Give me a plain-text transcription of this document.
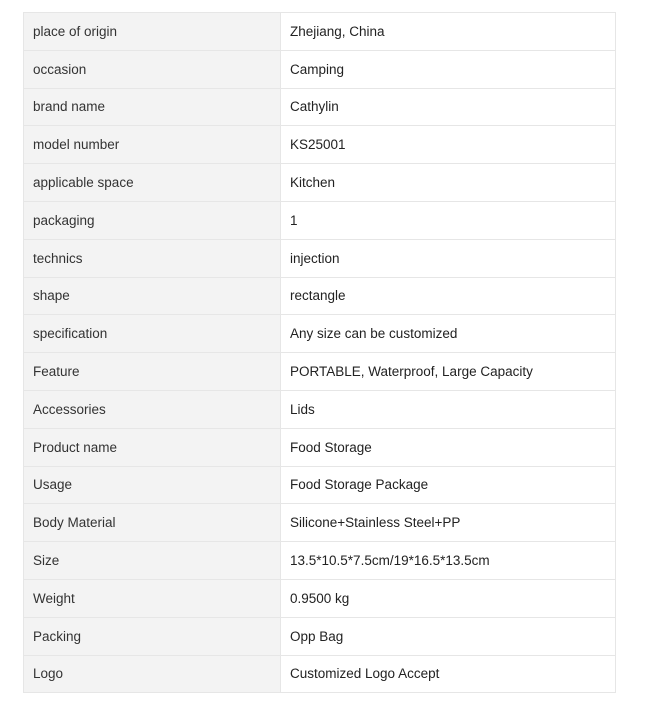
place of origin	Zhejiang, China
occasion	Camping
brand name	Cathylin
model number	KS25001
applicable space	Kitchen
packaging	1
technics	injection
shape	rectangle
specification	Any size can be customized
Feature	PORTABLE, Waterproof, Large Capacity
Accessories	Lids
Product name	Food Storage
Usage	Food Storage Package
Body Material	Silicone+Stainless Steel+PP
Size	13.5*10.5*7.5cm/19*16.5*13.5cm
Weight	0.9500 kg
Packing	Opp Bag
Logo	Customized Logo Accept
